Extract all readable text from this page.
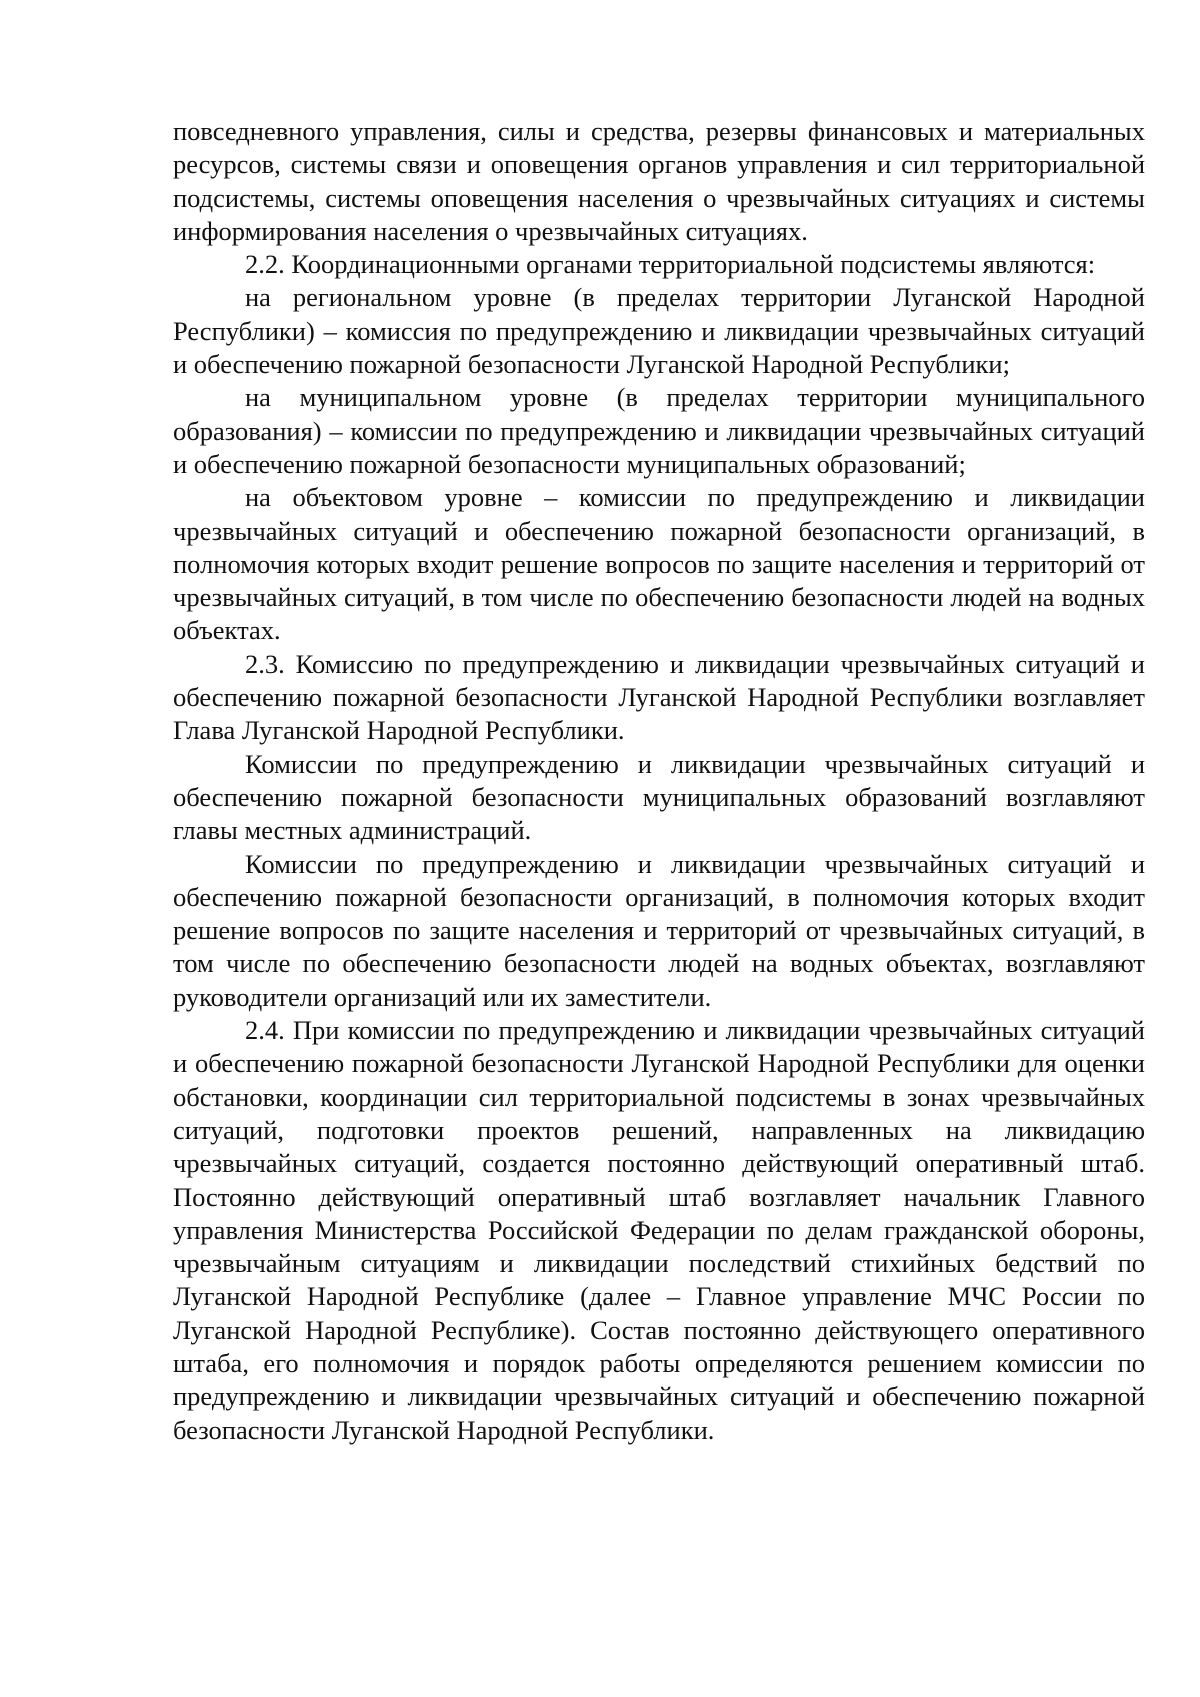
повседневного управления, силы и средства, резервы финансовых и материальных ресурсов, системы связи и оповещения органов управления и сил территориальной подсистемы, системы оповещения населения о чрезвычайных ситуациях и системы информирования населения о чрезвычайных ситуациях.

2.2. Координационными органами территориальной подсистемы являются:

на региональном уровне (в пределах территории Луганской Народной Республики) – комиссия по предупреждению и ликвидации чрезвычайных ситуаций и обеспечению пожарной безопасности Луганской Народной Республики;

на муниципальном уровне (в пределах территории муниципального образования) – комиссии по предупреждению и ликвидации чрезвычайных ситуаций и обеспечению пожарной безопасности муниципальных образований;

на объектовом уровне – комиссии по предупреждению и ликвидации чрезвычайных ситуаций и обеспечению пожарной безопасности организаций, в полномочия которых входит решение вопросов по защите населения и территорий от чрезвычайных ситуаций, в том числе по обеспечению безопасности людей на водных объектах.

2.3. Комиссию по предупреждению и ликвидации чрезвычайных ситуаций и обеспечению пожарной безопасности Луганской Народной Республики возглавляет Глава Луганской Народной Республики.

Комиссии по предупреждению и ликвидации чрезвычайных ситуаций и обеспечению пожарной безопасности муниципальных образований возглавляют главы местных администраций.

Комиссии по предупреждению и ликвидации чрезвычайных ситуаций и обеспечению пожарной безопасности организаций, в полномочия которых входит решение вопросов по защите населения и территорий от чрезвычайных ситуаций, в том числе по обеспечению безопасности людей на водных объектах, возглавляют руководители организаций или их заместители.

2.4. При комиссии по предупреждению и ликвидации чрезвычайных ситуаций и обеспечению пожарной безопасности Луганской Народной Республики для оценки обстановки, координации сил территориальной подсистемы в зонах чрезвычайных ситуаций, подготовки проектов решений, направленных на ликвидацию чрезвычайных ситуаций, создается постоянно действующий оперативный штаб. Постоянно действующий оперативный штаб возглавляет начальник Главного управления Министерства Российской Федерации по делам гражданской обороны, чрезвычайным ситуациям и ликвидации последствий стихийных бедствий по Луганской Народной Республике (далее – Главное управление МЧС России по Луганской Народной Республике). Состав постоянно действующего оперативного штаба, его полномочия и порядок работы определяются решением комиссии по предупреждению и ликвидации чрезвычайных ситуаций и обеспечению пожарной безопасности Луганской Народной Республики.
